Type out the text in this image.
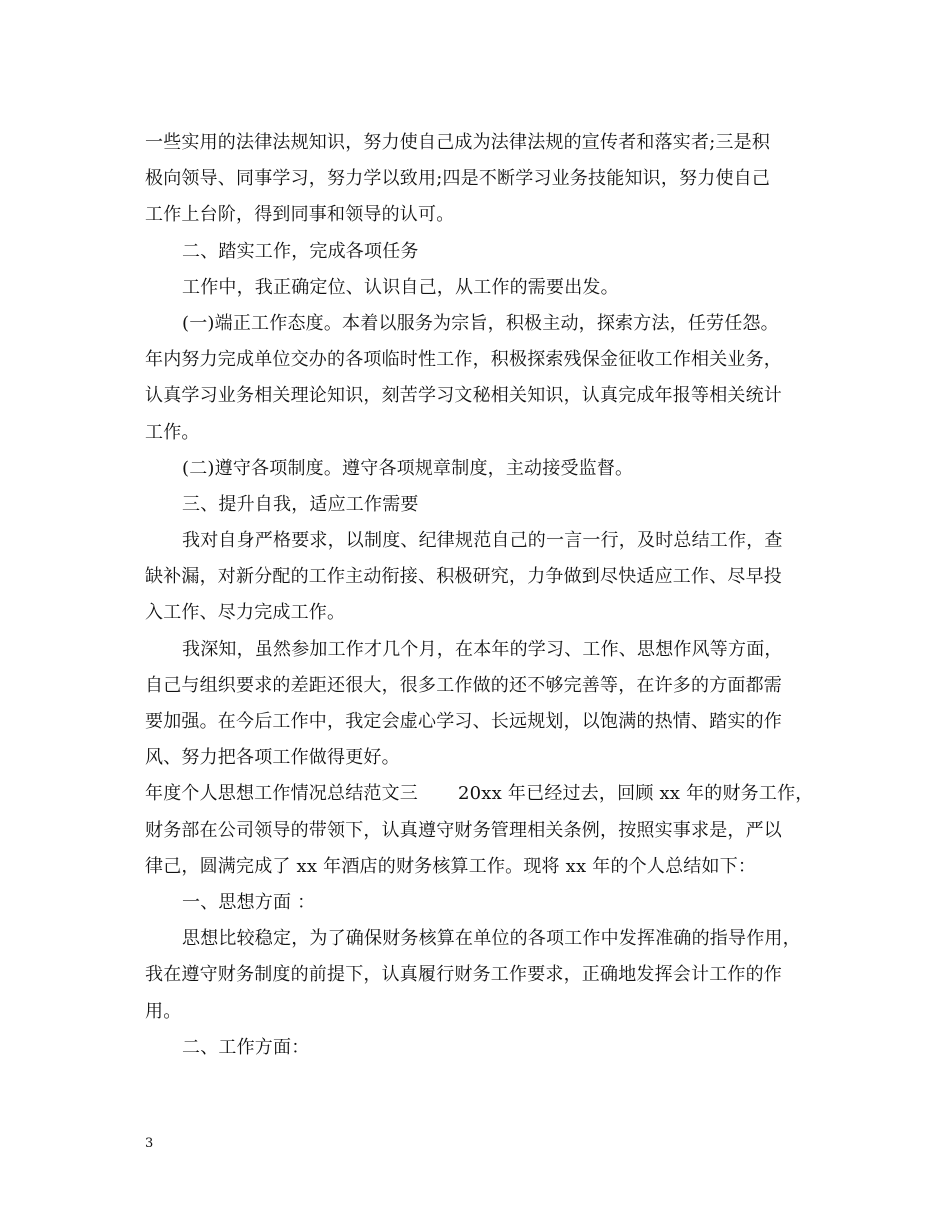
一些实用的法律法规知识，努力使自己成为法律法规的宣传者和落实者;三是积
极向领导、同事学习，努力学以致用;四是不断学习业务技能知识，努力使自己
工作上台阶，得到同事和领导的认可。
二、踏实工作，完成各项任务
工作中，我正确定位、认识自己，从工作的需要出发。
(一)端正工作态度。本着以服务为宗旨，积极主动，探索方法，任劳任怨。
年内努力完成单位交办的各项临时性工作，积极探索残保金征收工作相关业务，
认真学习业务相关理论知识，刻苦学习文秘相关知识，认真完成年报等相关统计
工作。
(二)遵守各项制度。遵守各项规章制度，主动接受监督。
三、提升自我，适应工作需要
我对自身严格要求，以制度、纪律规范自己的一言一行，及时总结工作，查
缺补漏，对新分配的工作主动衔接、积极研究，力争做到尽快适应工作、尽早投
入工作、尽力完成工作。
我深知，虽然参加工作才几个月，在本年的学习、工作、思想作风等方面，
自己与组织要求的差距还很大，很多工作做的还不够完善等，在许多的方面都需
要加强。在今后工作中，我定会虚心学习、长远规划，以饱满的热情、踏实的作
风、努力把各项工作做得更好。
年度个人思想工作情况总结范文三 20xx 年已经过去，回顾 xx 年的财务工作，
财务部在公司领导的带领下，认真遵守财务管理相关条例，按照实事求是，严以
律己，圆满完成了 xx 年酒店的财务核算工作。现将 xx 年的个人总结如下：
一、思想方面 ：
思想比较稳定，为了确保财务核算在单位的各项工作中发挥准确的指导作用，
我在遵守财务制度的前提下，认真履行财务工作要求，正确地发挥会计工作的作
用。
二、工作方面：
3
